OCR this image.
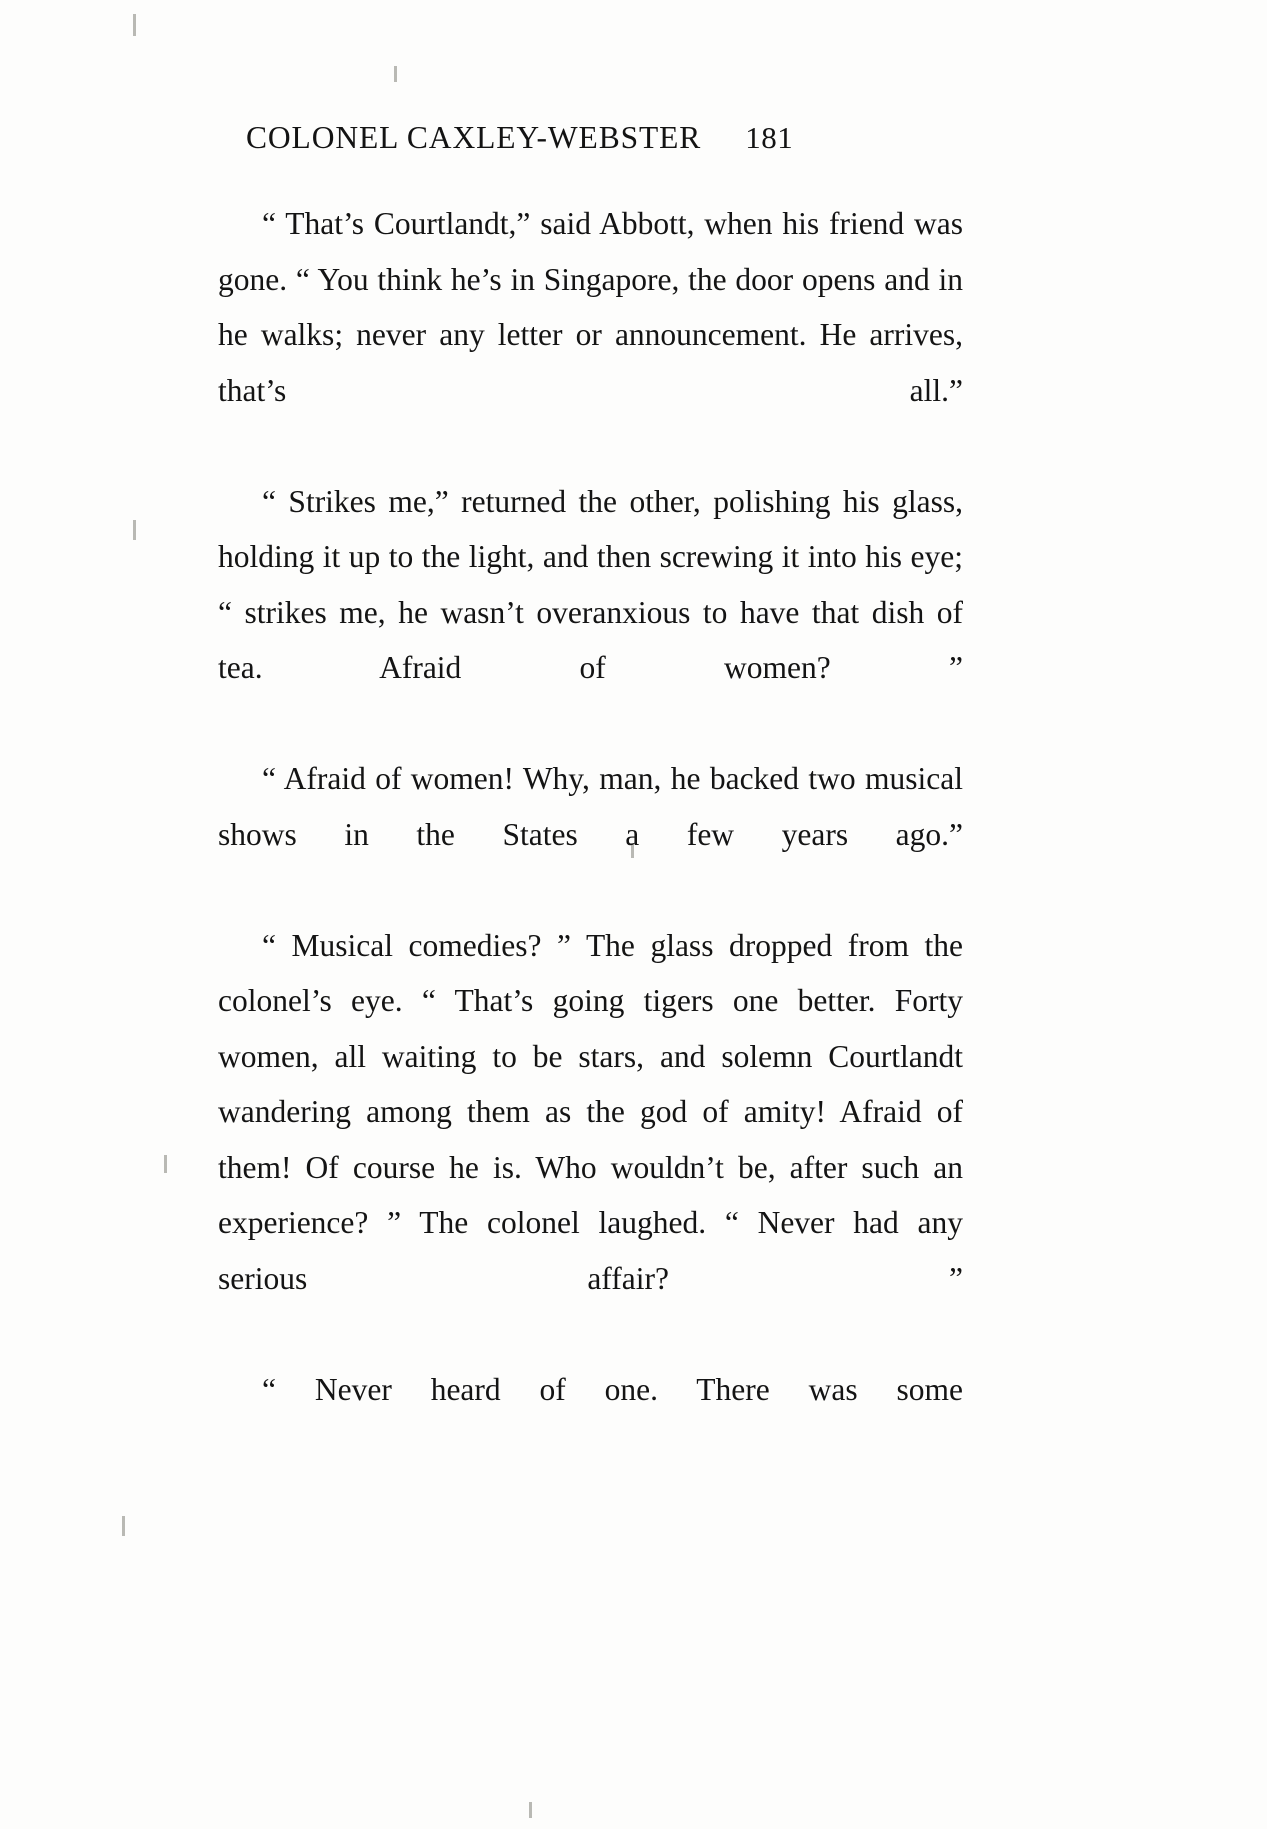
COLONEL CAXLEY-WEBSTER 181

“ That’s Courtlandt,” said Abbott, when his friend was gone. “ You think he’s in Singapore, the door opens and in he walks; never any letter or announcement. He arrives, that’s all.”

“ Strikes me,” returned the other, polishing his glass, holding it up to the light, and then screwing it into his eye; “ strikes me, he wasn’t overanxious to have that dish of tea. Afraid of women? ”

“ Afraid of women! Why, man, he backed two musical shows in the States a few years ago.”

“ Musical comedies? ” The glass dropped from the colonel’s eye. “ That’s going tigers one better. Forty women, all waiting to be stars, and solemn Courtlandt wandering among them as the god of amity! Afraid of them! Of course he is. Who wouldn’t be, after such an experience? ” The colonel laughed. “ Never had any serious affair? ”

“ Never heard of one. There was some
